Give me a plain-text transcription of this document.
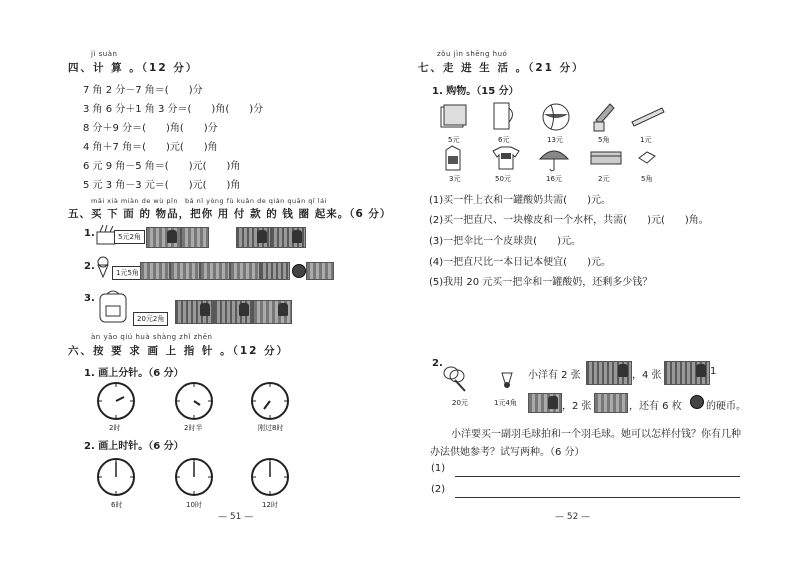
jì suàn
四、计 算 。（12 分）
7 角 2 分－7 角＝(　　)分
3 角 6 分＋1 角 3 分＝(　　)角(　　)分
8 分＋9 分＝(　　)角(　　)分
4 角＋7 角＝(　　)元(　　)角
6 元 9 角－5 角＝(　　)元(　　)角
5 元 3 角－3 元＝(　　)元(　　)角
mǎi xià miàn de wù pǐn　bǎ nǐ yòng fù kuǎn de qián quān qǐ lái
五、买 下 面 的 物品，把你 用 付 款 的 钱 圈 起来。（6 分）
1.	5元2角
2.
1元5角
3.
20元2角
àn yāo qiú huà shàng zhǐ zhēn
六、按 要 求 画 上 指 针 。（12 分）
1. 画上分针。（6 分）
2时	2时半	刚过8时
2. 画上时针。（6 分）
6时	10时	12时
— 51 —
zǒu jìn shēng huó
七、走 进 生 活 。（21 分）
1. 购物。（15 分）
5元	6元	13元	5角	1元
3元	50元	16元	2元	5角
(1)买一件上衣和一罐酸奶共需(　　)元。
(2)买一把直尺、一块橡皮和一个水杯，共需(　　)元(　　)角。
(3)一把伞比一个皮球贵(　　)元。
(4)一把直尺比一本日记本便宜(　　)元。
(5)我用 20 元买一把伞和一罐酸奶，还剩多少钱？
2.
20元	1元4角
小洋有 2 张	，4 张	1
，2 张	，还有 6 枚 的硬币。
小洋要买一副羽毛球拍和一个羽毛球。她可以怎样付钱？你有几种
办法供她参考？试写两种。（6 分）
(1)
(2)
— 52 —
